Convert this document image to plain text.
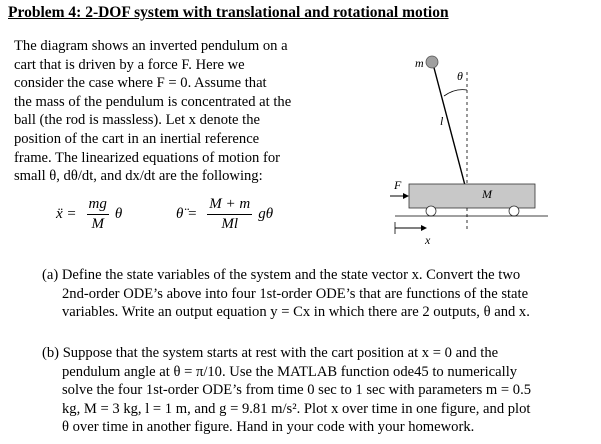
Problem 4: 2-DOF system with translational and rotational motion
The diagram shows an inverted pendulum on a
cart that is driven by a force F. Here we
consider the case where F = 0. Assume that
the mass of the pendulum is concentrated at the
ball (the rod is massless). Let x denote the
position of the cart in an inertial reference
frame. The linearized equations of motion for
small θ, dθ/dt, and dx/dt are the following:
ẍ = $\frac{mg}{M}$ θ	θ̈ = $\frac{M + m}{Ml}$ gθ
m
θ
l
F
M
x
(a) Define the state variables of the system and the state vector x. Convert the two
2nd-order ODE’s above into four 1st-order ODE’s that are functions of the state
variables. Write an output equation y = Cx in which there are 2 outputs, θ and x.
(b) Suppose that the system starts at rest with the cart position at x = 0 and the
pendulum angle at θ = π/10. Use the MATLAB function ode45 to numerically
solve the four 1st-order ODE’s from time 0 sec to 1 sec with parameters m = 0.5
kg, M = 3 kg, l = 1 m, and g = 9.81 m/s². Plot x over time in one figure, and plot
θ over time in another figure. Hand in your code with your homework.
